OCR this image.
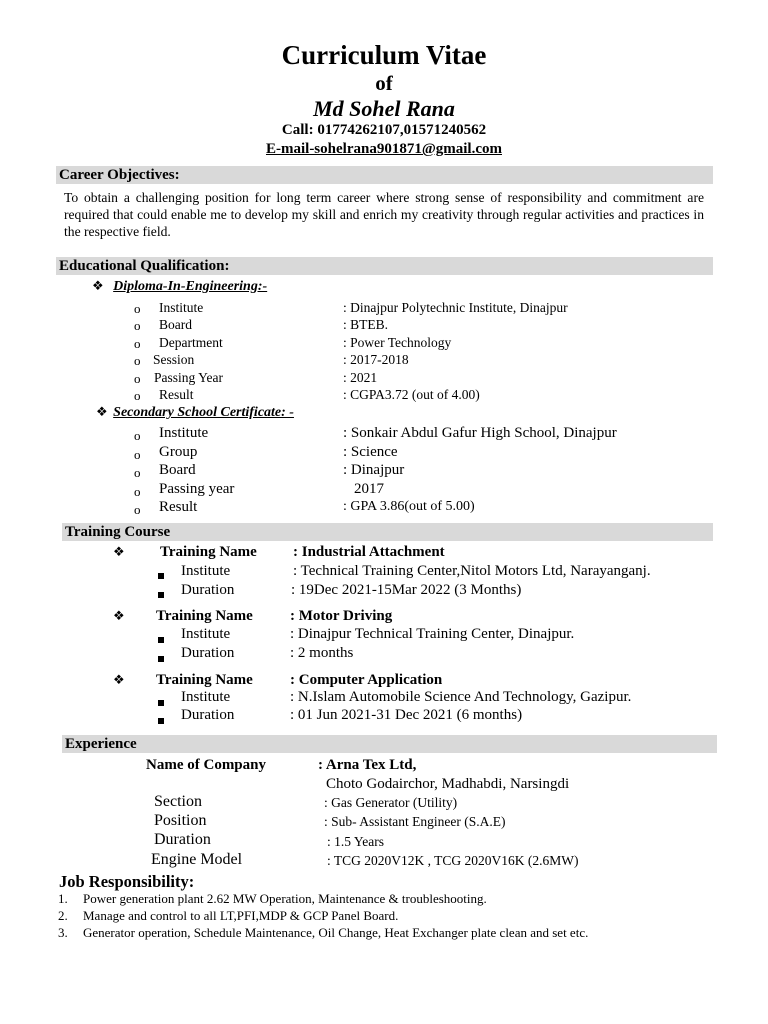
Curriculum Vitae
of
Md Sohel Rana
Call: 01774262107,01571240562
E-mail-sohelrana901871@gmail.com
Career Objectives:
To obtain a challenging position for long term career where strong sense of responsibility and commitment are required that could enable me to develop my skill and enrich my creativity through regular activities and practices in the respective field.
Educational Qualification:
❖ Diploma-In-Engineering:-
o Institute	: Dinajpur Polytechnic Institute, Dinajpur
o Board	: BTEB.
o Department	: Power Technology
o Session	: 2017-2018
o Passing Year	: 2021
o Result	: CGPA3.72 (out of 4.00)
❖ Secondary School Certificate: -
o Institute	: Sonkair Abdul Gafur High School, Dinajpur
o Group	: Science
o Board	: Dinajpur
o Passing year	2017
o Result	: GPA 3.86(out of 5.00)
Training Course
❖ Training Name : Industrial Attachment
Institute	: Technical Training Center,Nitol Motors Ltd, Narayanganj.
Duration	: 19Dec 2021-15Mar 2022 (3 Months)
❖ Training Name : Motor Driving
Institute	: Dinajpur Technical Training Center, Dinajpur.
Duration	: 2 months
❖ Training Name : Computer Application
Institute	: N.Islam Automobile Science And Technology, Gazipur.
Duration	: 01 Jun 2021-31 Dec 2021 (6 months)
Experience
Name of Company	: Arna Tex Ltd,
Choto Godairchor, Madhabdi, Narsingdi
Section	: Gas Generator (Utility)
Position	: Sub- Assistant Engineer (S.A.E)
Duration	: 1.5 Years
Engine Model	: TCG 2020V12K , TCG 2020V16K (2.6MW)
Job Responsibility:
1. Power generation plant 2.62 MW Operation, Maintenance & troubleshooting.
2. Manage and control to all LT,PFI,MDP & GCP Panel Board.
3. Generator operation, Schedule Maintenance, Oil Change, Heat Exchanger plate clean and set etc.
